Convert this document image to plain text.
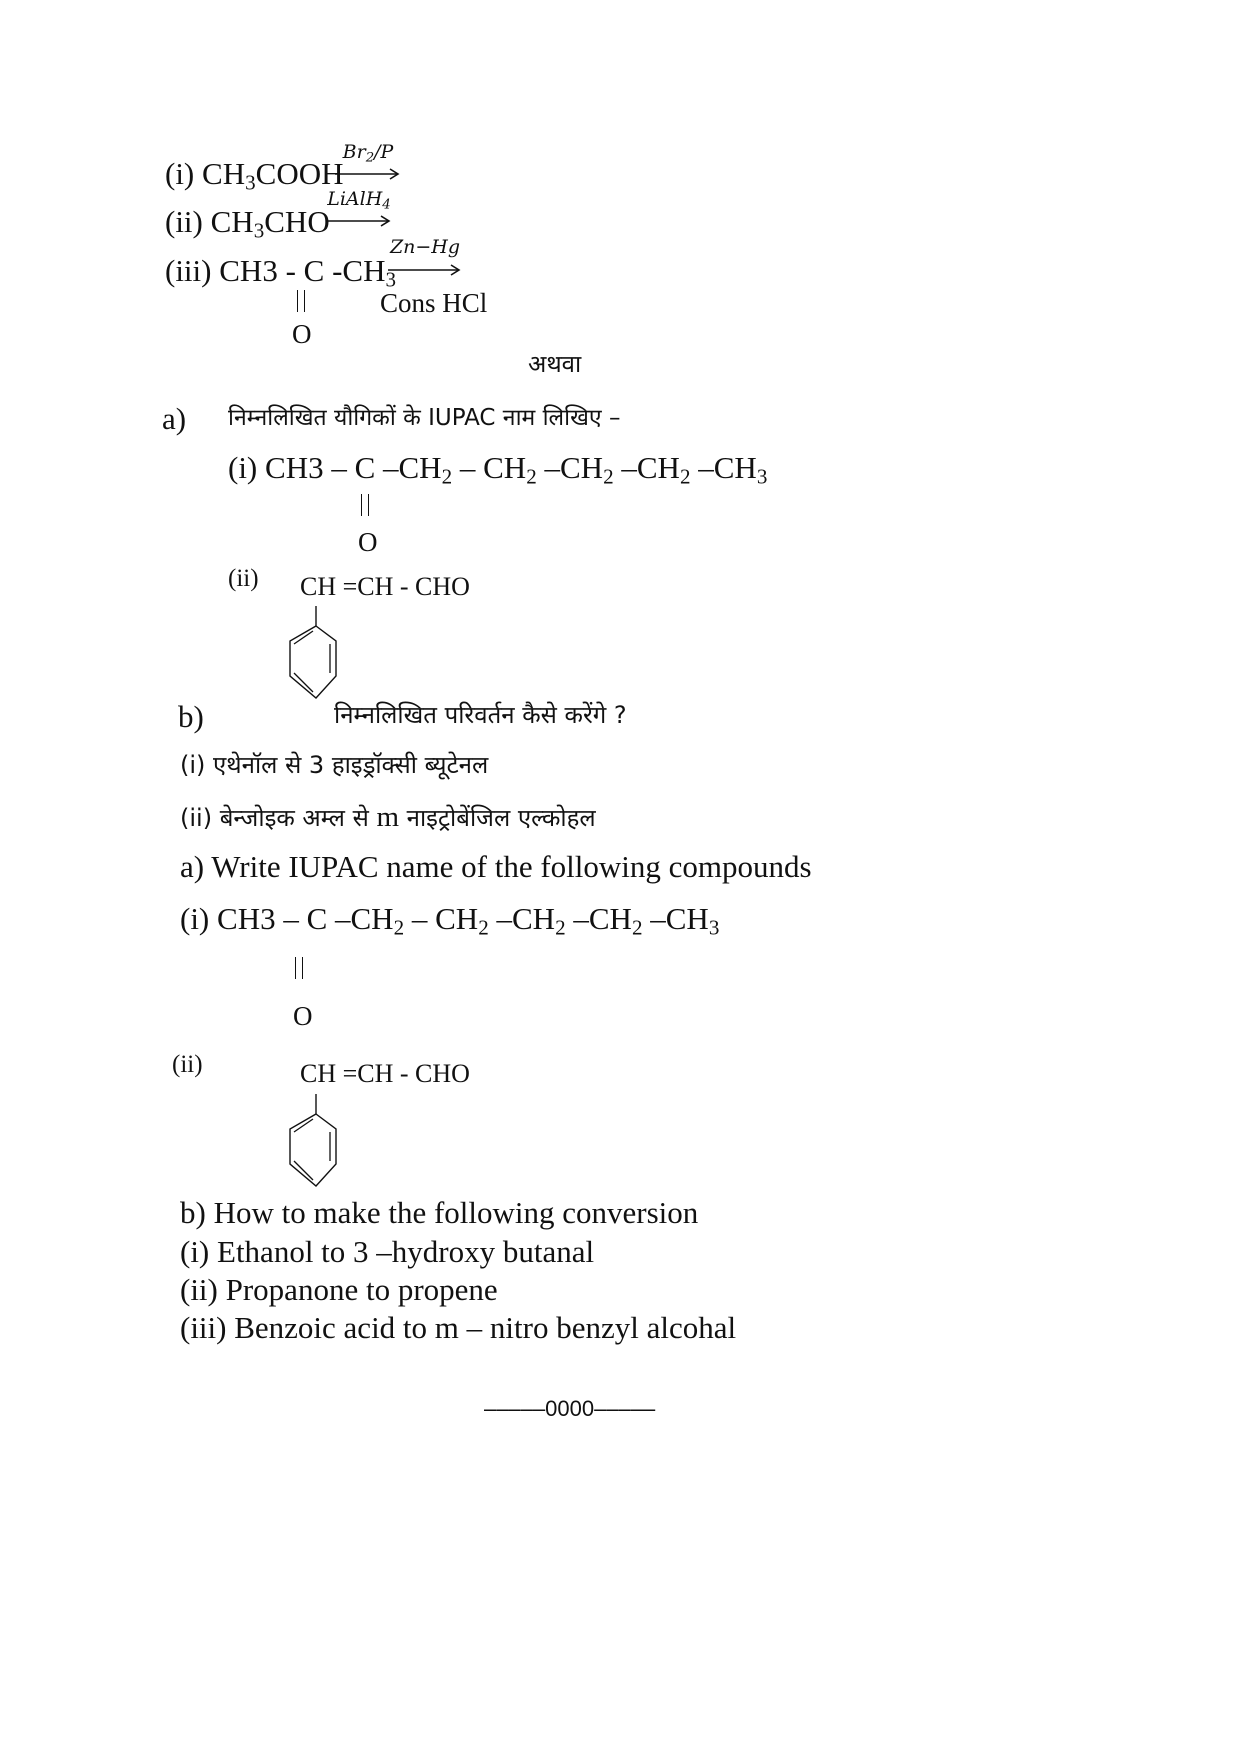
(i) $CH_3COOH$
$Br_2/P$
(ii) $CH_3CHO$
LiAlH$_4$
(iii) CH3 - C $-CH_3$
Zn−Hg
Cons HCl
O
अथवा
a) निम्नलिखित यौगिकों के IUPAC नाम लिखिए –
(i) CH3 – C $-CH_2 - CH_2$ $-CH_2$ $-CH_2$ $-CH_3$
O
(ii) CH =CH - CHO
b)	निम्नलिखित परिवर्तन कैसे करेंगे ?
(i) एथेनॉल से 3 हाइड्रॉक्सी ब्यूटेनल
(ii) बेन्जोइक अम्ल से m नाइट्रोबेंजिल एल्कोहल
a) Write IUPAC name of the following compounds
(i) CH3 – C $-CH_2 - CH_2$ $-CH_2$ $-CH_2$ $-CH_3$
O
(ii)	CH =CH - CHO
b) How to make the following conversion
(i) Ethanol to 3 –hydroxy butanal
(ii) Propanone to propene
(iii) Benzoic acid to m – nitro benzyl alcohal
–––––0000–––––
